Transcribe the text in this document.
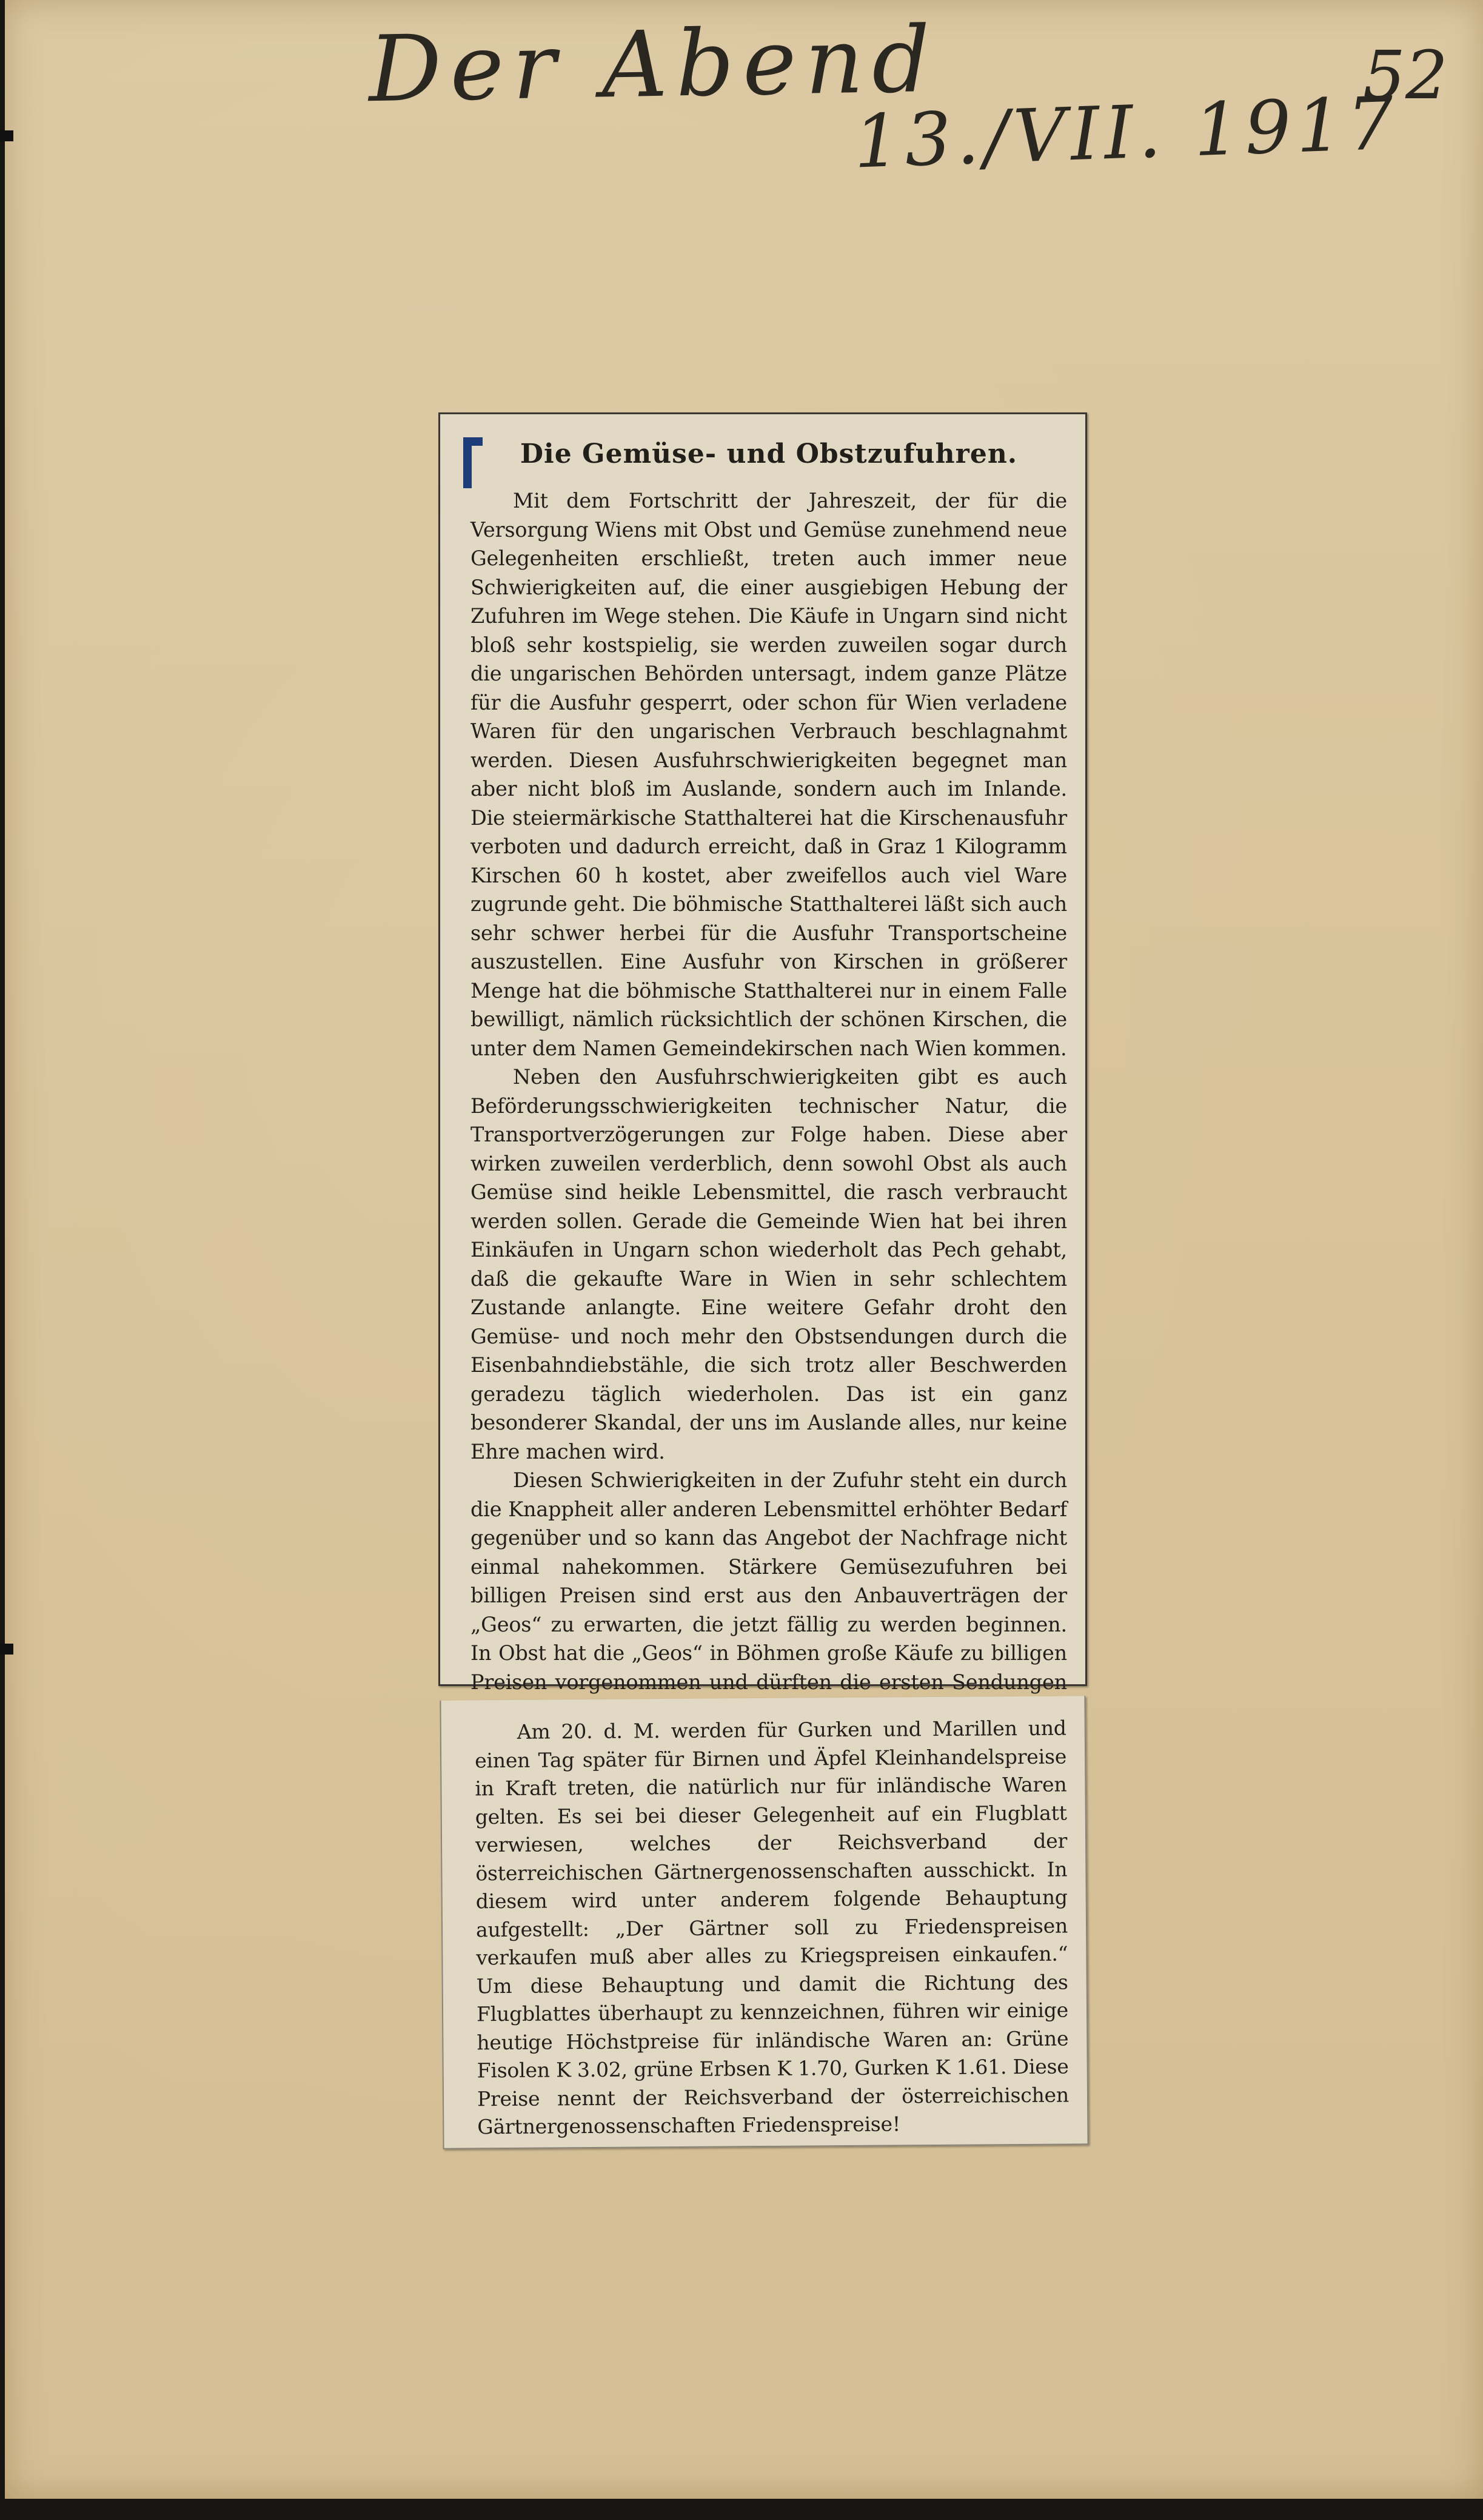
Der Abend
13./VII. 1917
52
Die Gemüse- und Obstzufuhren.

Mit dem Fortschritt der Jahreszeit, der für die Versorgung Wiens mit Obst und Gemüse zunehmend neue Gelegenheiten erschließt, treten auch immer neue Schwierigkeiten auf, die einer ausgiebigen Hebung der Zufuhren im Wege stehen. Die Käufe in Ungarn sind nicht bloß sehr kostspielig, sie werden zuweilen sogar durch die ungarischen Behörden untersagt, indem ganze Plätze für die Ausfuhr gesperrt, oder schon für Wien verladene Waren für den ungarischen Verbrauch beschlagnahmt werden. Diesen Ausfuhrschwierigkeiten begegnet man aber nicht bloß im Auslande, sondern auch im Inlande. Die steiermärkische Statthalterei hat die Kirschenausfuhr verboten und dadurch erreicht, daß in Graz 1 Kilogramm Kirschen 60 h kostet, aber zweifellos auch viel Ware zugrunde geht. Die böhmische Statthalterei läßt sich auch sehr schwer herbei für die Ausfuhr Transportscheine auszustellen. Eine Ausfuhr von Kirschen in größerer Menge hat die böhmische Statthalterei nur in einem Falle bewilligt, nämlich rücksichtlich der schönen Kirschen, die unter dem Namen Gemeindekirschen nach Wien kommen.

Neben den Ausfuhrschwierigkeiten gibt es auch Beförderungsschwierigkeiten technischer Natur, die Transportverzögerungen zur Folge haben. Diese aber wirken zuweilen verderblich, denn sowohl Obst als auch Gemüse sind heikle Lebensmittel, die rasch verbraucht werden sollen. Gerade die Gemeinde Wien hat bei ihren Einkäufen in Ungarn schon wiederholt das Pech gehabt, daß die gekaufte Ware in Wien in sehr schlechtem Zustande anlangte. Eine weitere Gefahr droht den Gemüse- und noch mehr den Obstsendungen durch die Eisenbahndiebstähle, die sich trotz aller Beschwerden geradezu täglich wiederholen. Das ist ein ganz besonderer Skandal, der uns im Auslande alles, nur keine Ehre machen wird.

Diesen Schwierigkeiten in der Zufuhr steht ein durch die Knappheit aller anderen Lebensmittel erhöhter Bedarf gegenüber und so kann das Angebot der Nachfrage nicht einmal nahekommen. Stärkere Gemüsezufuhren bei billigen Preisen sind erst aus den Anbauverträgen der „Geos“ zu erwarten, die jetzt fällig zu werden beginnen. In Obst hat die „Geos“ in Böhmen große Käufe zu billigen Preisen vorgenommen und dürften die ersten Sendungen

Am 20. d. M. werden für Gurken und Marillen und einen Tag später für Birnen und Äpfel Kleinhandelspreise in Kraft treten, die natürlich nur für inländische Waren gelten. Es sei bei dieser Gelegenheit auf ein Flugblatt verwiesen, welches der Reichsverband der österreichischen Gärtnergenossenschaften ausschickt. In diesem wird unter anderem folgende Behauptung aufgestellt: „Der Gärtner soll zu Friedenspreisen verkaufen muß aber alles zu Kriegspreisen einkaufen.“ Um diese Behauptung und damit die Richtung des Flugblattes überhaupt zu kennzeichnen, führen wir einige heutige Höchstpreise für inländische Waren an: Grüne Fisolen K 3.02, grüne Erbsen K 1.70, Gurken K 1.61. Diese Preise nennt der Reichsverband der österreichischen Gärtnergenossenschaften Friedenspreise!
